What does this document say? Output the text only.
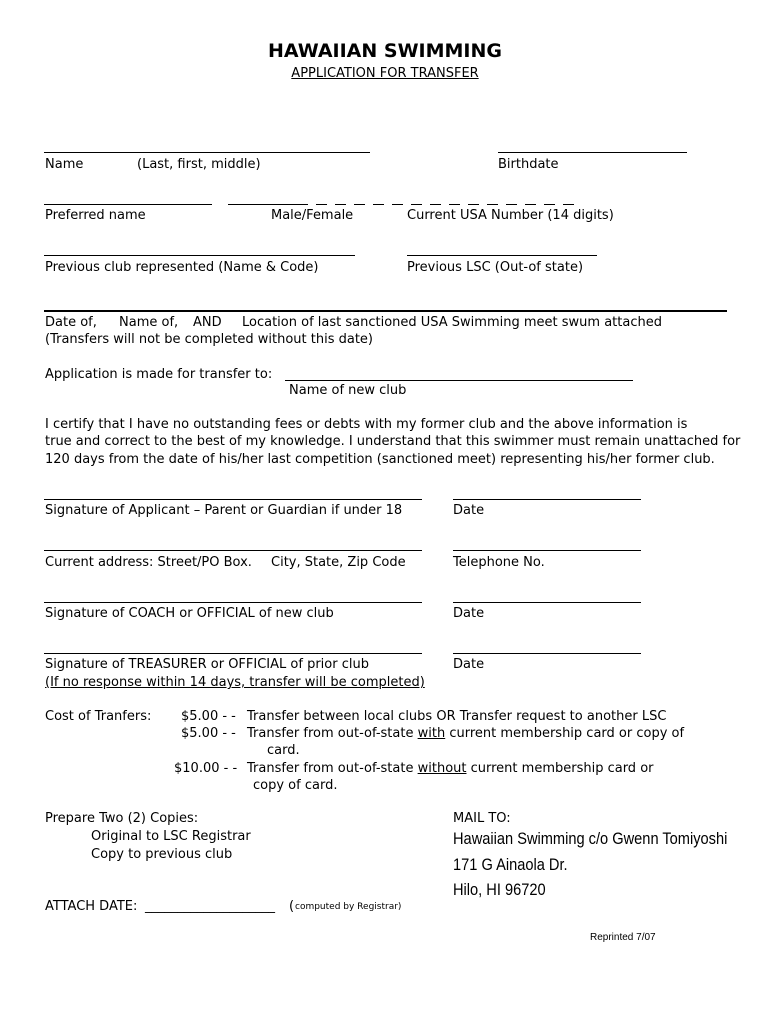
HAWAIIAN SWIMMING
APPLICATION FOR TRANSFER
Name	(Last, first, middle)	Birthdate
Preferred name	Male/Female	Current USA Number (14 digits)
Previous club represented (Name & Code)	Previous LSC (Out-of state)
Date of, Name of, AND Location of last sanctioned USA Swimming meet swum attached
(Transfers will not be completed without this date)
Application is made for transfer to:
Name of new club
I certify that I have no outstanding fees or debts with my former club and the above information is
true and correct to the best of my knowledge. I understand that this swimmer must remain unattached for
120 days from the date of his/her last competition (sanctioned meet) representing his/her former club.
Signature of Applicant – Parent or Guardian if under 18	Date
Current address: Street/PO Box. City, State, Zip Code	Telephone No.
Signature of COACH or OFFICIAL of new club	Date
Signature of TREASURER or OFFICIAL of prior club	Date
(If no response within 14 days, transfer will be completed)
Cost of Tranfers: $5.00 - - Transfer between local clubs OR Transfer request to another LSC
$5.00 - - Transfer from out-of-state with current membership card or copy of
card.
$10.00 - - Transfer from out-of-state without current membership card or
copy of card.
Prepare Two (2) Copies:
Original to LSC Registrar
Copy to previous club
MAIL TO:
Hawaiian Swimming c/o Gwenn Tomiyoshi
171 G Ainaola Dr.
Hilo, HI 96720
ATTACH DATE: ____________________ ( computed by Registrar)
Reprinted 7/07
